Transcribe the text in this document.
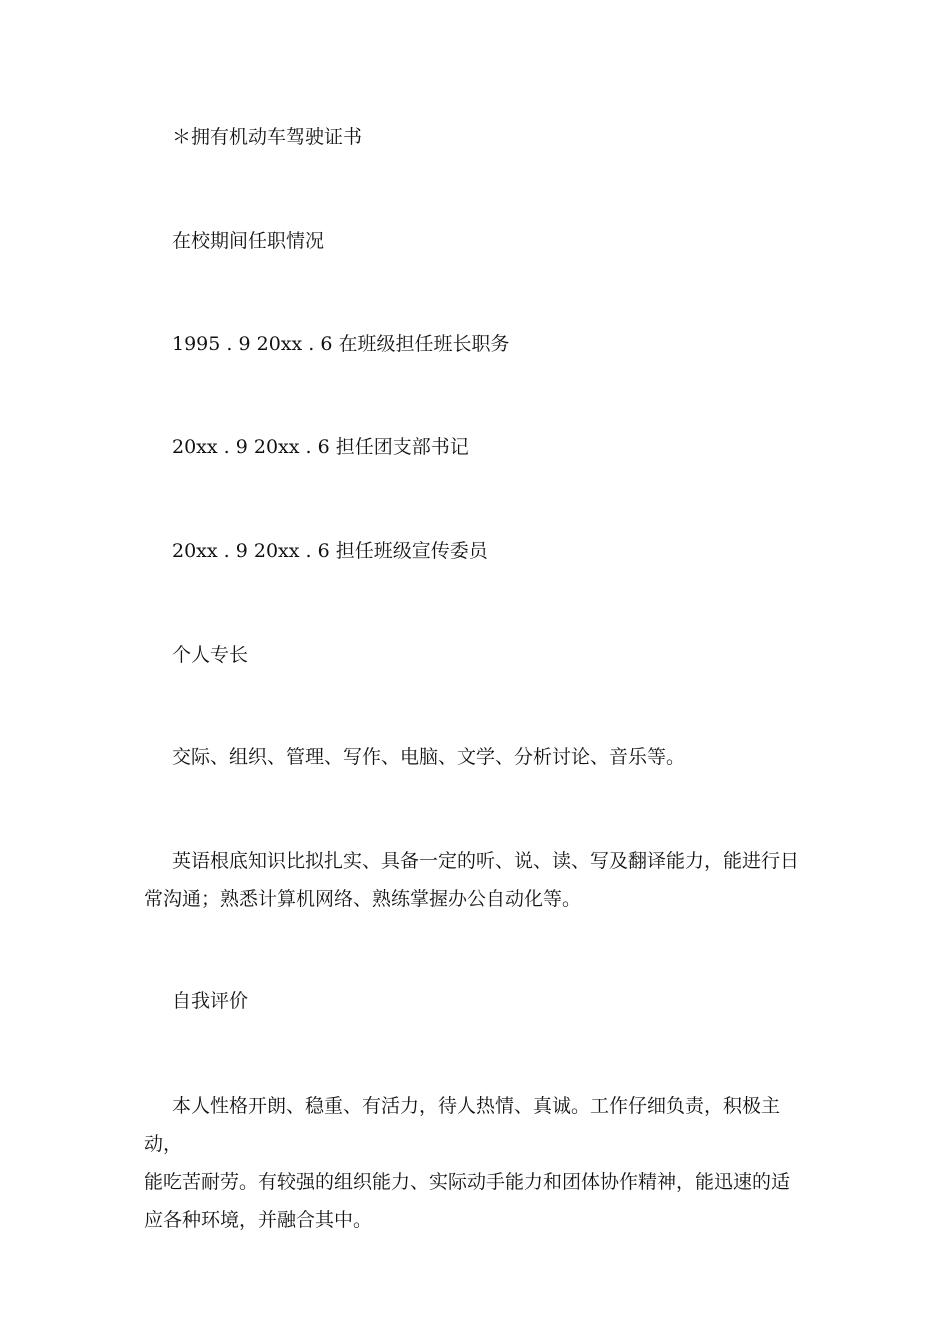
＊拥有机动车驾驶证书

在校期间任职情况

1995 . 9 20xx . 6 在班级担任班长职务

20xx . 9 20xx . 6 担任团支部书记

20xx . 9 20xx . 6 担任班级宣传委员

个人专长

交际、组织、管理、写作、电脑、文学、分析讨论、音乐等。

英语根底知识比拟扎实、具备一定的听、说、读、写及翻译能力，能进行日
常沟通；熟悉计算机网络、熟练掌握办公自动化等。

自我评价

本人性格开朗、稳重、有活力，待人热情、真诚。工作仔细负责，积极主动，
能吃苦耐劳。有较强的组织能力、实际动手能力和团体协作精神，能迅速的适
应各种环境，并融合其中。
